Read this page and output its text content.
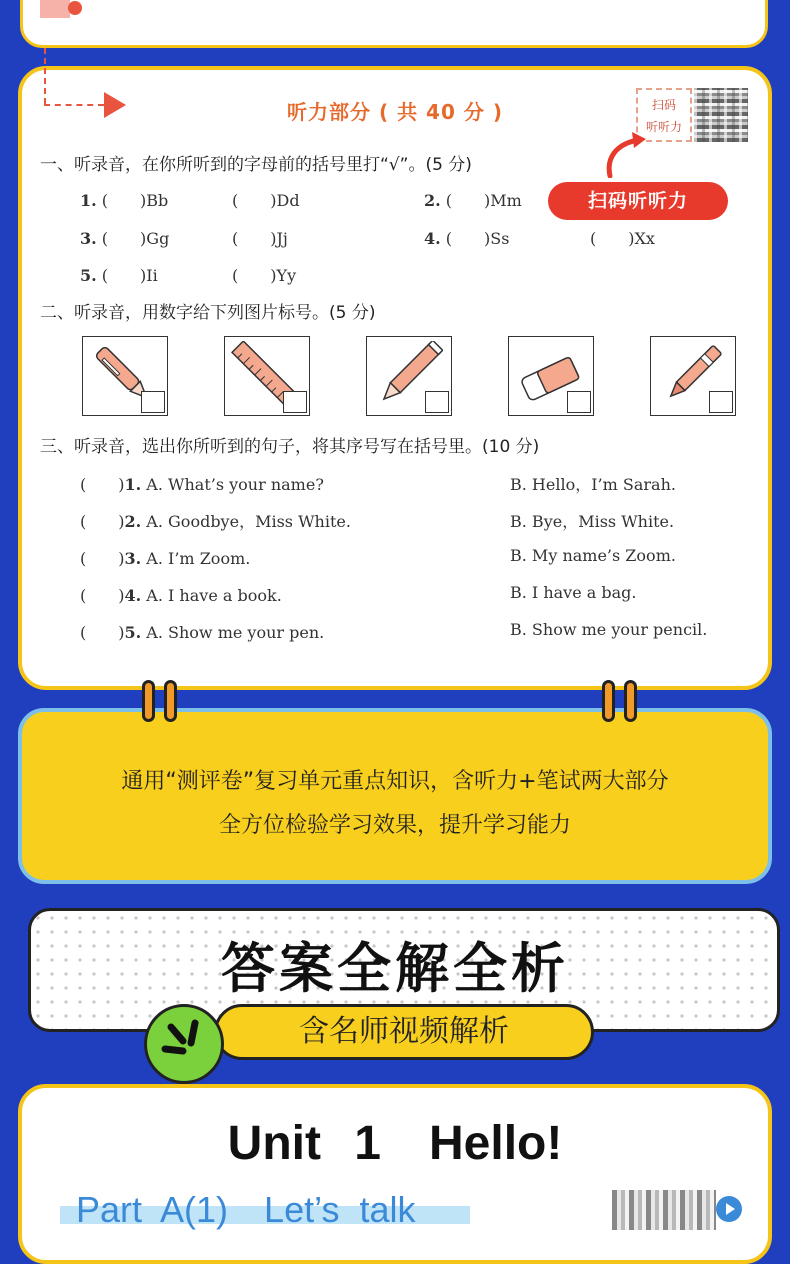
听力部分 ( 共 40 分 )	扫码
听听力
扫码听听力
一、听录音，在你所听到的字母前的括号里打“√”。(5 分)
1. (　　)Bb	(　　)Dd	2. (　　)Mm
3. (　　)Gg	(　　)Jj	4. (　　)Ss	(　　)Xx
5. (　　)Ii	(　　)Yy
二、听录音，用数字给下列图片标号。(5 分)
三、听录音，选出你所听到的句子，将其序号写在括号里。(10 分)
(　　)1. A. What’s your name?	B. Hello，I’m Sarah.
(　　)2. A. Goodbye，Miss White.	B. Bye，Miss White.
(　　)3. A. I’m Zoom.	B. My name’s Zoom.
(　　)4. A. I have a book.	B. I have a bag.
(　　)5. A. Show me your pen.	B. Show me your pencil.
通用“测评卷”复习单元重点知识，含听力+笔试两大部分
全方位检验学习效果，提升学习能力
答案全解全析
含名师视频解析
Unit 1　Hello!
Part A(1)　Let’s talk
